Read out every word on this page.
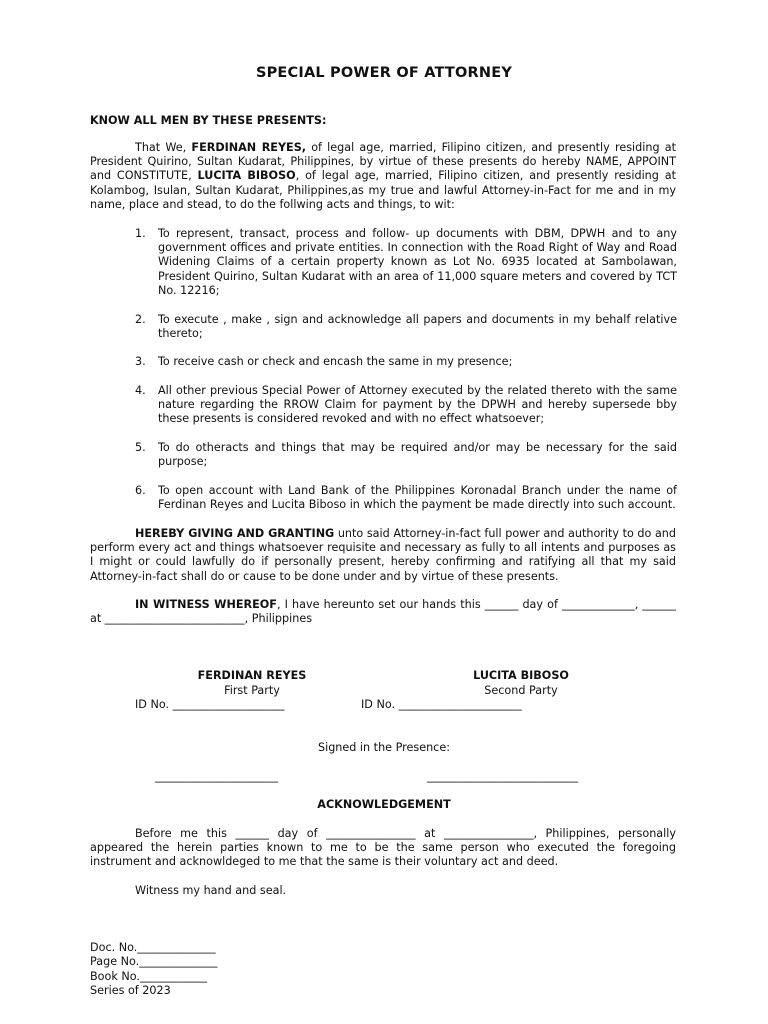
SPECIAL POWER OF ATTORNEY
KNOW ALL MEN BY THESE PRESENTS:
That We, FERDINAN REYES, of legal age, married, Filipino citizen, and presently residing at President Quirino, Sultan Kudarat, Philippines, by virtue of these presents do hereby NAME, APPOINT and CONSTITUTE, LUCITA BIBOSO, of legal age, married, Filipino citizen, and presently residing at Kolambog, Isulan, Sultan Kudarat, Philippines,as my true and lawful Attorney-in-Fact for me and in my name, place and stead, to do the follwing acts and things, to wit:
1. To represent, transact, process and follow- up documents with DBM, DPWH and to any government offices and private entities. In connection with the Road Right of Way and Road Widening Claims of a certain property known as Lot No. 6935 located at Sambolawan, President Quirino, Sultan Kudarat with an area of 11,000 square meters and covered by TCT No. 12216;
2. To execute , make , sign and acknowledge all papers and documents in my behalf relative thereto;
3. To receive cash or check and encash the same in my presence;
4. All other previous Special Power of Attorney executed by the related thereto with the same nature regarding the RROW Claim for payment by the DPWH and hereby supersede bby these presents is considered revoked and with no effect whatsoever;
5. To do otheracts and things that may be required and/or may be necessary for the said purpose;
6. To open account with Land Bank of the Philippines Koronadal Branch under the name of Ferdinan Reyes and Lucita Biboso in which the payment be made directly into such account.
HEREBY GIVING AND GRANTING unto said Attorney-in-fact full power and authority to do and perform every act and things whatsoever requisite and necessary as fully to all intents and purposes as I might or could lawfully do if personally present, hereby confirming and ratifying all that my said Attorney-in-fact shall do or cause to be done under and by virtue of these presents.
IN WITNESS WHEREOF, I have hereunto set our hands this ______ day of _____________, ______ at _________________________, Philippines
FERDINAN REYES
First Party
ID No. ____________________
LUCITA BIBOSO
Second Party
ID No. ______________________
Signed in the Presence:
______________________	___________________________
ACKNOWLEDGEMENT
Before me this ______ day of ________________ at ________________, Philippines, personally appeared the herein parties known to me to be the same person who executed the foregoing instrument and acknowldeged to me that the same is their voluntary act and deed.
Witness my hand and seal.
Doc. No.______________
Page No.______________
Book No.____________
Series of 2023
